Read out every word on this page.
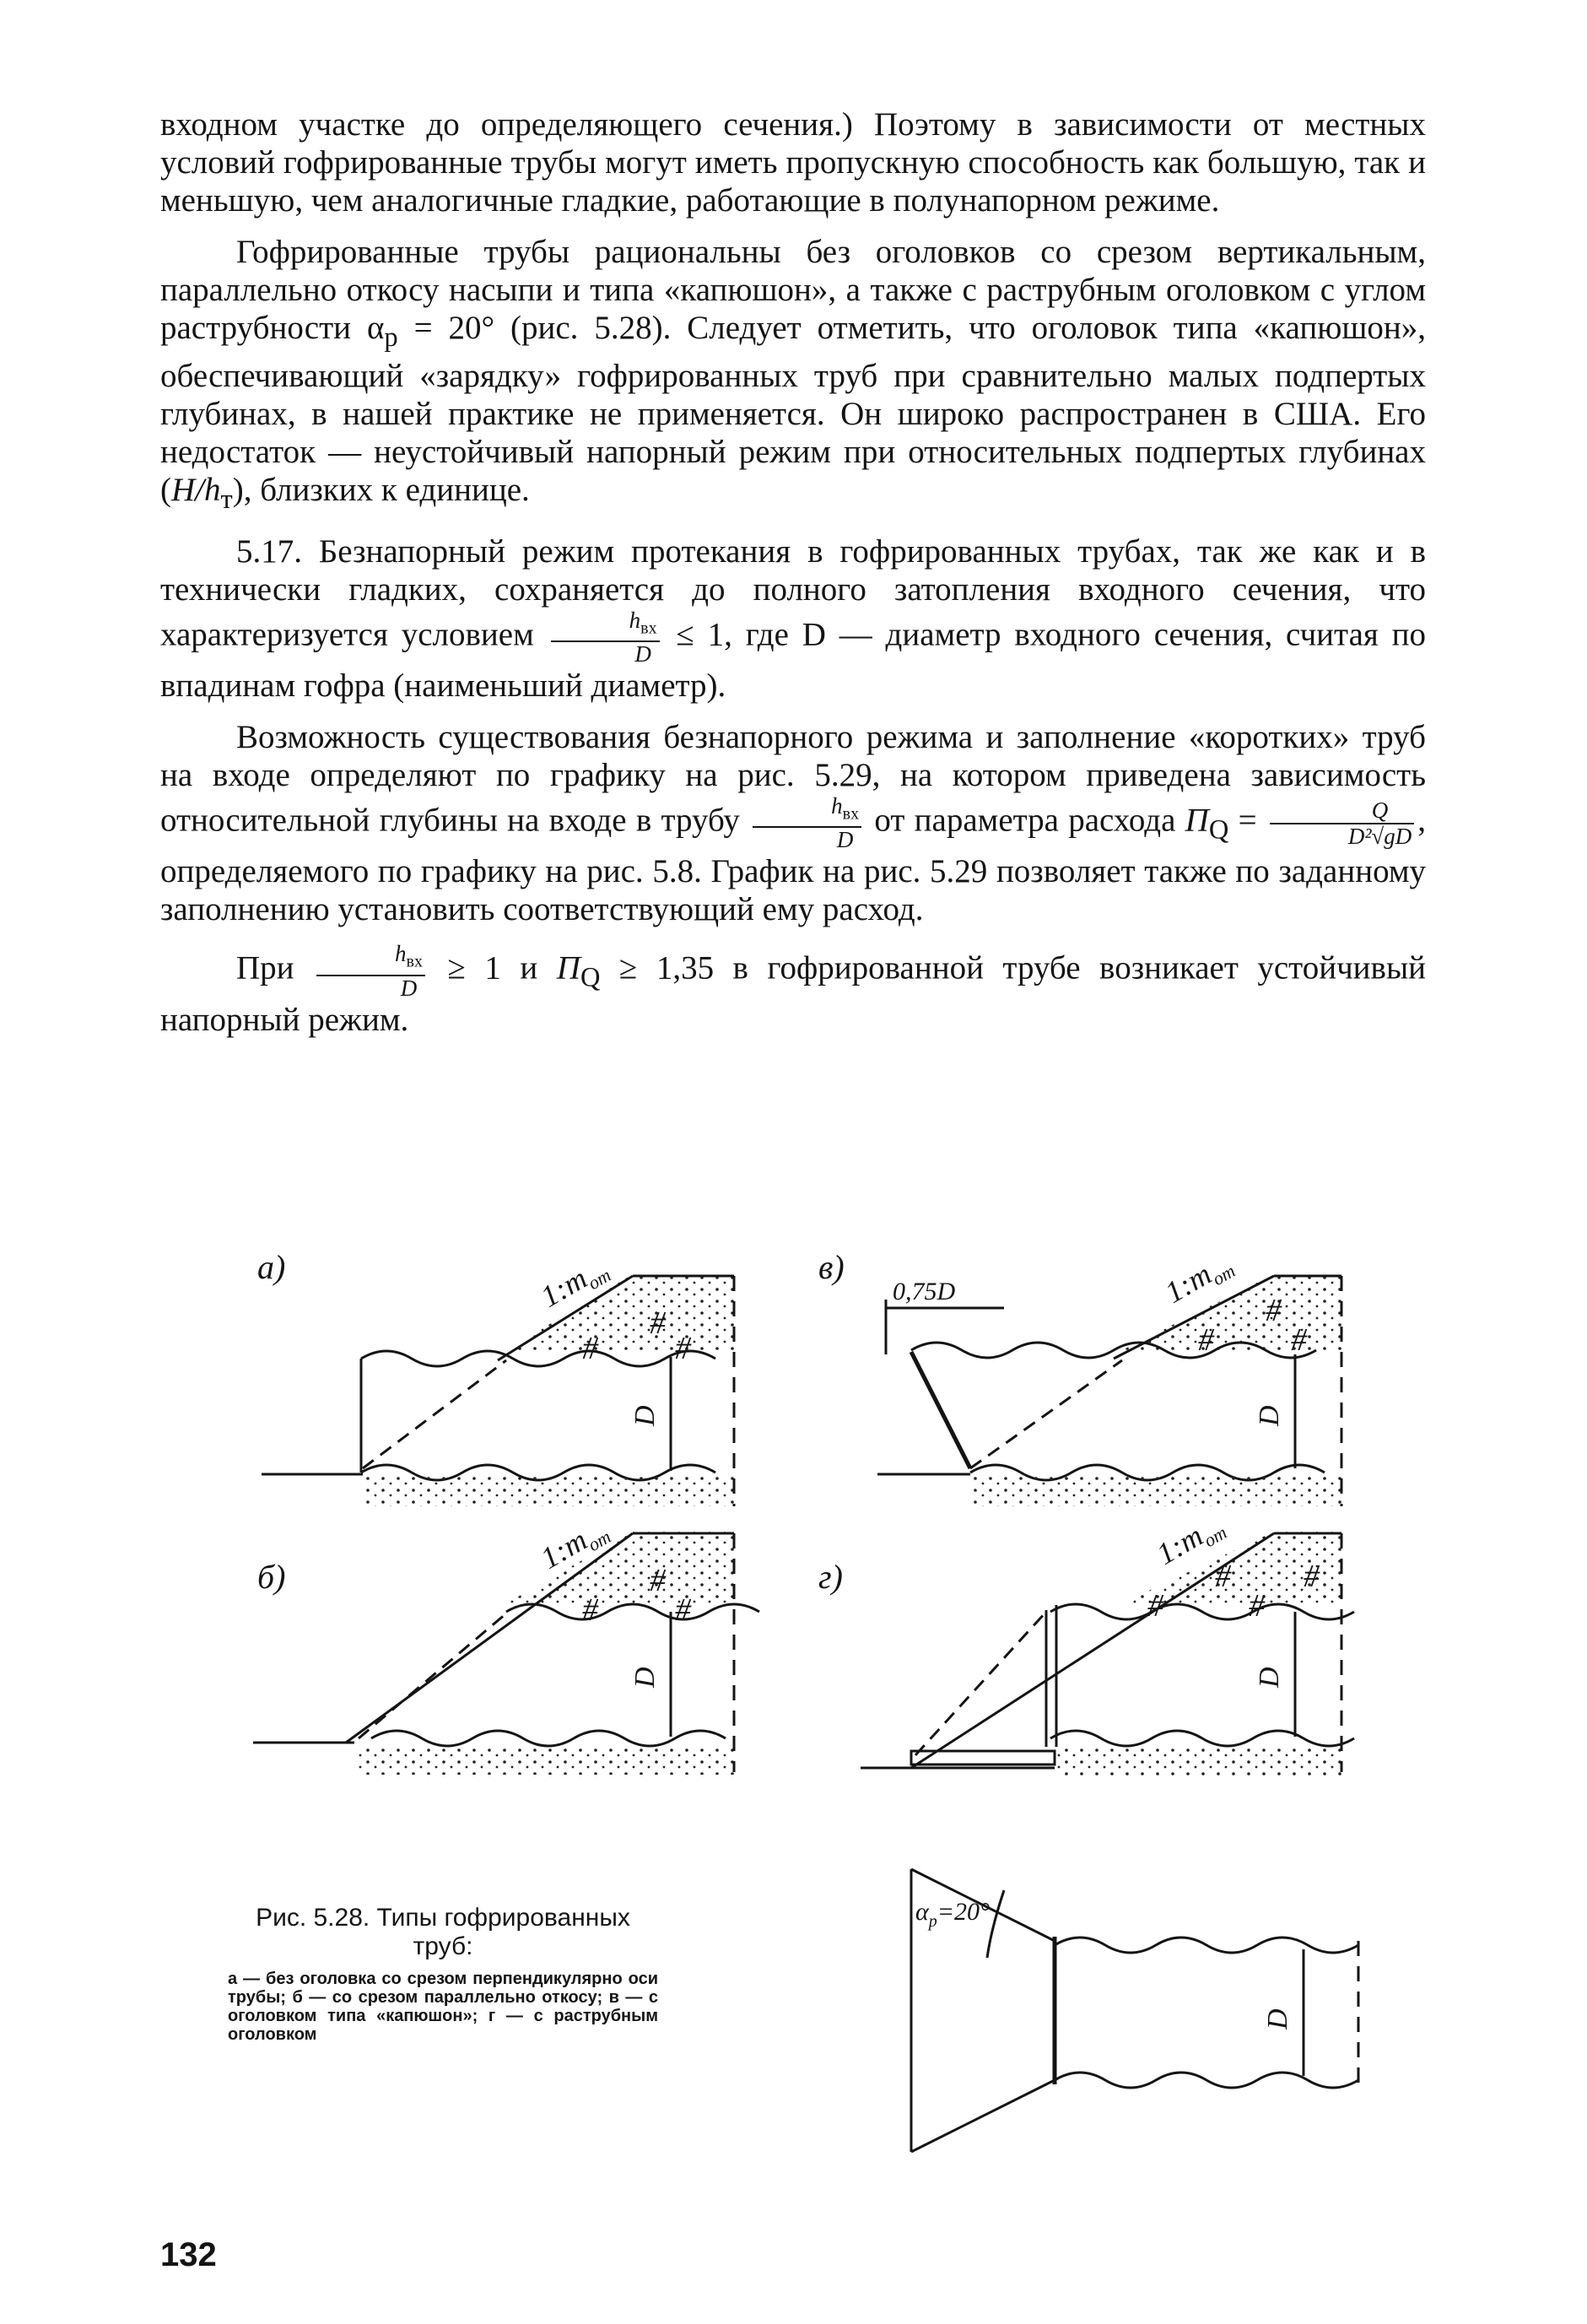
входном участке до определяющего сечения.) Поэтому в зависимости от местных условий гофрированные трубы могут иметь пропускную способность как большую, так и меньшую, чем аналогичные гладкие, работающие в полунапорном режиме.

Гофрированные трубы рациональны без оголовков со срезом вертикальным, параллельно откосу насыпи и типа «капюшон», а также с раструбным оголовком с углом раструбности $\alpha_р = 20^\circ$ (рис. 5.28). Следует отметить, что оголовок типа «капюшон», обеспечивающий «зарядку» гофрированных труб при сравнительно малых подпертых глубинах, в нашей практике не применяется. Он широко распространен в США. Его недостаток — неустойчивый напорный режим при относительных подпертых глубинах $(H/h_т)$, близких к единице.

5.17. Безнапорный режим протекания в гофрированных трубах, так же как и в технически гладких, сохраняется до полного затопления входного сечения, что характеризуется условием $\frac{h_{вх}}{D} \le 1$, где D — диаметр входного сечения, считая по впадинам гофра (наименьший диаметр).

Возможность существования безнапорного режима и заполнение «коротких» труб на входе определяют по графику на рис. 5.29, на котором приведена зависимость относительной глубины на входе в трубу $\frac{h_{вх}}{D}$ от параметра расхода $\Pi_Q = \frac{Q}{\text{D²√gD}}$ , определяемого по графику на рис. 5.8. График на рис. 5.29 позволяет также по заданному заполнению установить соответствующий ему расход.

При $\frac{h_{вх}}{D} \ge 1$ и $\Pi_Q \ge 1,35$ в гофрированной трубе возникает устойчивый напорный режим.

а)	в)
б)	г)
$1:m_{от}$	$1:m_{от}$
$1:m_{от}$	$1:m_{от}$
D	D
D	D
D
0,75D
$\alpha_р=20^\circ$
#
# #
#
# #
#
# #
# #
#	#
Рис. 5.28. Типы гофрированных труб:
а — без оголовка со срезом перпендикулярно оси трубы; б — со срезом параллельно откосу; в — с оголовком типа «капюшон»; г — с раструбным оголовком
132
